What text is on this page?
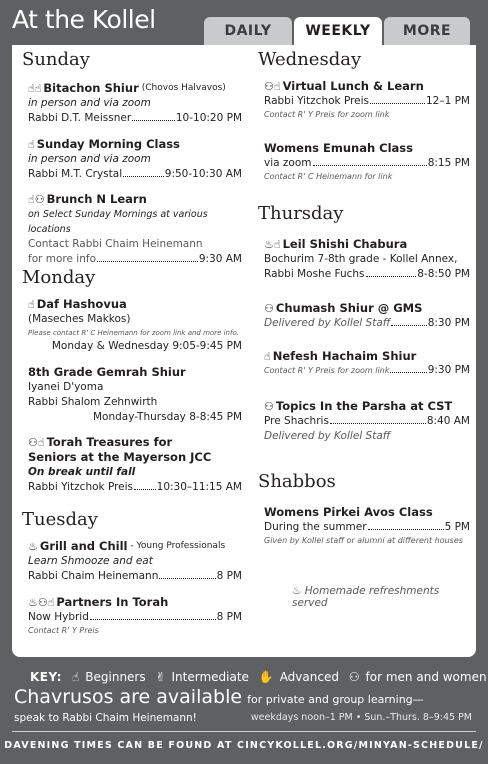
At the Kollel	DAILY	WEEKLY	MORE
Sunday
☝☝ Bitachon Shiur (Chovos Halvavos)
in person and via zoom
Rabbi D.T. Meissner	10-10:20 PM
☝ Sunday Morning Class
in person and via zoom
Rabbi M.T. Crystal	9:50-10:30 AM
☝⚇ Brunch N Learn
on Select Sunday Mornings at various locations
Contact Rabbi Chaim Heinemann
for more info	9:30 AM
Monday
☝ Daf Hashovua
(Maseches Makkos)
Please contact R' C Heinemann for zoom link and more info.
Monday & Wednesday 9:05-9:45 PM
8th Grade Gemrah Shiur
Iyanei D'yoma
Rabbi Shalom Zehnwirth
Monday-Thursday 8-8:45 PM
⚇☝ Torah Treasures for
Seniors at the Mayerson JCC
On break until fall
Rabbi Yitzchok Preis 10:30–11:15 AM
Tuesday
♨ Grill and Chill - Young Professionals
Learn Shmooze and eat
Rabbi Chaim Heinemann	8 PM
♨⚇☝ Partners In Torah
Now Hybrid	8 PM
Contact R' Y Preis
Wednesday
⚇☝ Virtual Lunch & Learn
Rabbi Yitzchok Preis	12–1 PM
Contact R' Y Preis for zoom link
Womens Emunah Class
via zoom	8:15 PM
Contact R' C Heinemann for link
Thursday
♨☝ Leil Shishi Chabura
Bochurim 7-8th grade - Kollel Annex,
Rabbi Moshe Fuchs	8-8:50 PM
⚇ Chumash Shiur @ GMS
Delivered by Kollel Staff	8:30 PM
☝ Nefesh Hachaim Shiur
Contact R' Y Preis for zoom link	9:30 PM
⚇ Topics In the Parsha at CST
Pre Shachris	8:40 AM
Delivered by Kollel Staff
Shabbos
Womens Pirkei Avos Class
During the summer	5 PM
Given by Kollel staff or alumni at different houses
♨ Homemade refreshments served
KEY: ☝ Beginners ✌ Intermediate ✋ Advanced ⚇ for men and women
Chavrusos are available for private and group learning—
speak to Rabbi Chaim Heinemann!	weekdays noon–1 PM • Sun.–Thurs. 8–9:45 PM
DAVENING TIMES CAN BE FOUND AT CINCYKOLLEL.ORG/MINYAN-SCHEDULE/
